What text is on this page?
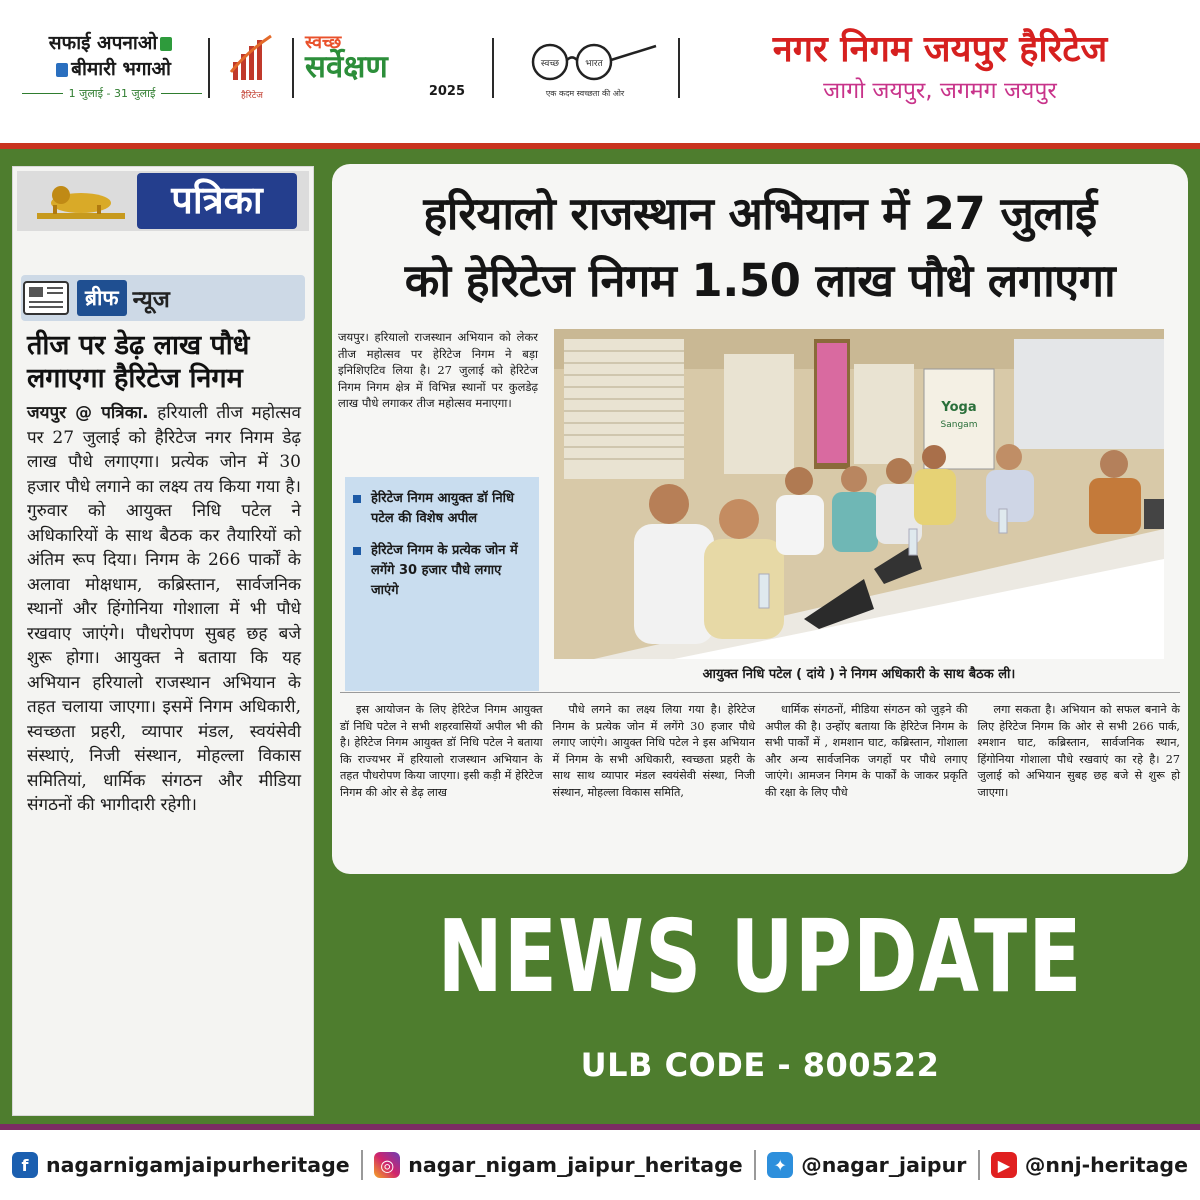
सफाई अपनाओ
बीमारी भगाओ
1 जुलाई - 31 जुलाई	हैरिटेज
स्वच्छ
सर्वेक्षण
2025
स्वच्छ	भारत
एक कदम स्वच्छता की ओर
नगर निगम जयपुर हैरिटेज
जागो जयपुर, जगमग जयपुर
पत्रिका
ब्रीफ न्यूज
तीज पर डेढ़ लाख पौधे लगाएगा हैरिटेज निगम
जयपुर @ पत्रिका. हरियाली तीज महोत्सव पर 27 जुलाई को हैरिटेज नगर निगम डेढ़ लाख पौधे लगाएगा। प्रत्येक जोन में 30 हजार पौधे लगाने का लक्ष्य तय किया गया है। गुरुवार को आयुक्त निधि पटेल ने अधिकारियों के साथ बैठक कर तैयारियों को अंतिम रूप दिया। निगम के 266 पार्कों के अलावा मोक्षधाम, कब्रिस्तान, सार्वजनिक स्थानों और हिंगोनिया गोशाला में भी पौधे रखवाए जाएंगे। पौधरोपण सुबह छह बजे शुरू होगा। आयुक्त ने बताया कि यह अभियान हरियालो राजस्थान अभियान के तहत चलाया जाएगा। इसमें निगम अधिकारी, स्वच्छता प्रहरी, व्यापार मंडल, स्वयंसेवी संस्थाएं, निजी संस्थान, मोहल्ला विकास समितियां, धार्मिक संगठन और मीडिया संगठनों की भागीदारी रहेगी।
हरियालो राजस्थान अभियान में 27 जुलाई
को हेरिटेज निगम 1.50 लाख पौधे लगाएगा
जयपुर। हरियालो राजस्थान अभियान को लेकर तीज महोत्सव पर हेरिटेज निगम ने बड़ा इनिशिएटिव लिया है। 27 जुलाई को हेरिटेज निगम निगम क्षेत्र में विभिन्न स्थानों पर कुलडेढ़ लाख पौधे लगाकर तीज महोत्सव मनाएगा।
हेरिटेज निगम आयुक्त डॉ निधि पटेल की विशेष अपील
हेरिटेज निगम के प्रत्येक जोन में लगेंगे 30 हजार पौधे लगाए जाएंगे
Yoga
Sangam
आयुक्त निधि पटेल ( दांये ) ने निगम अधिकारी के साथ बैठक ली।
इस आयोजन के लिए हेरिटेज निगम आयुक्त डॉ निधि पटेल ने सभी शहरवासियों अपील भी की है। हेरिटेज निगम आयुक्त डॉ निधि पटेल ने बताया कि राज्यभर में हरियालो राजस्थान अभियान के तहत पौधरोपण किया जाएगा। इसी कड़ी में हेरिटेज निगम की ओर से डेढ़ लाख
पौधे लगने का लक्ष्य लिया गया है। हेरिटेज निगम के प्रत्येक जोन में लगेंगे 30 हजार पौधे लगाए जाएंगे। आयुक्त निधि पटेल ने इस अभियान में निगम के सभी अधिकारी, स्वच्छता प्रहरी के साथ साथ व्यापार मंडल स्वयंसेवी संस्था, निजी संस्थान, मोहल्ला विकास समिति,
धार्मिक संगठनों, मीडिया संगठन को जुड़ने की अपील की है। उन्होंए बताया कि हेरिटेज निगम के सभी पार्कों में , शमशान घाट, कब्रिस्तान, गोशाला और अन्य सार्वजनिक जगहों पर पौधे लगाए जाएंगे। आमजन निगम के पार्कों के जाकर प्रकृति की रक्षा के लिए पौधे
लगा सकता है। अभियान को सफल बनाने के लिए हेरिटेज निगम कि ओर से सभी 266 पार्क, श्मशान घाट, कब्रिस्तान, सार्वजनिक स्थान, हिंगोनिया गोशाला पौधे रखवाएं का रहे है। 27 जुलाई को अभियान सुबह छह बजे से शुरू हो जाएगा।
NEWS UPDATE
ULB CODE - 800522
f nagarnigamjaipurheritage	◎ nagar_nigam_jaipur_heritage	✦ @nagar_jaipur	▶ @nnj-heritage
